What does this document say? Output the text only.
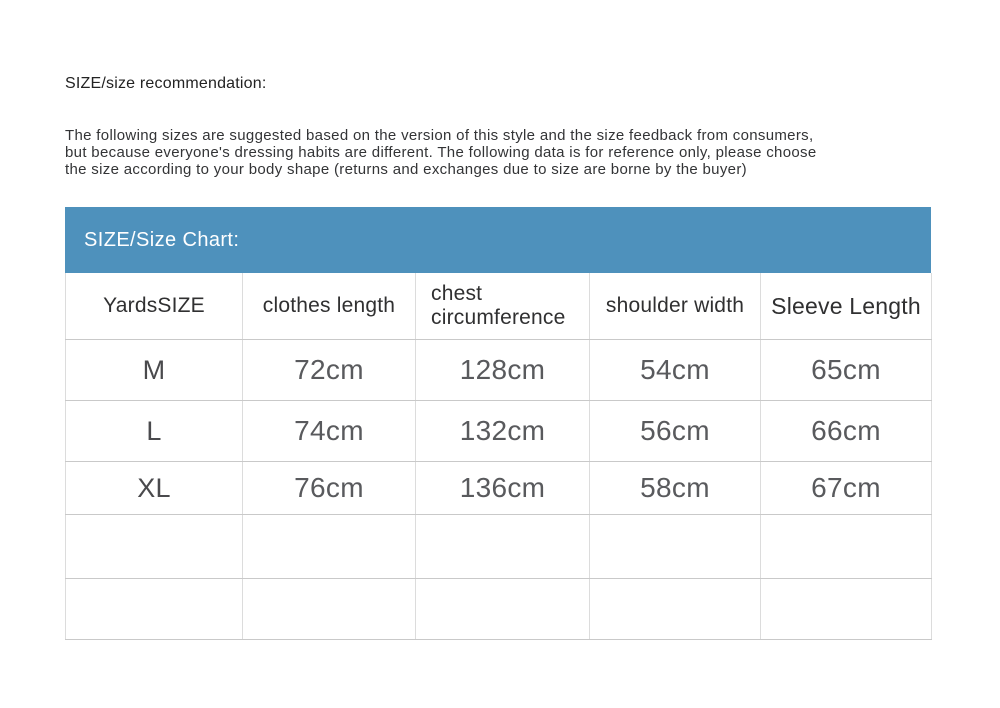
SIZE/size recommendation:
The following sizes are suggested based on the version of this style and the size feedback from consumers,
but because everyone's dressing habits are different. The following data is for reference only, please choose
the size according to your body shape (returns and exchanges due to size are borne by the buyer)
SIZE/Size Chart:
YardsSIZE	clothes length	chest circumference	shoulder width	Sleeve Length
M	72cm	128cm	54cm	65cm
L	74cm	132cm	56cm	66cm
XL	76cm	136cm	58cm	67cm
